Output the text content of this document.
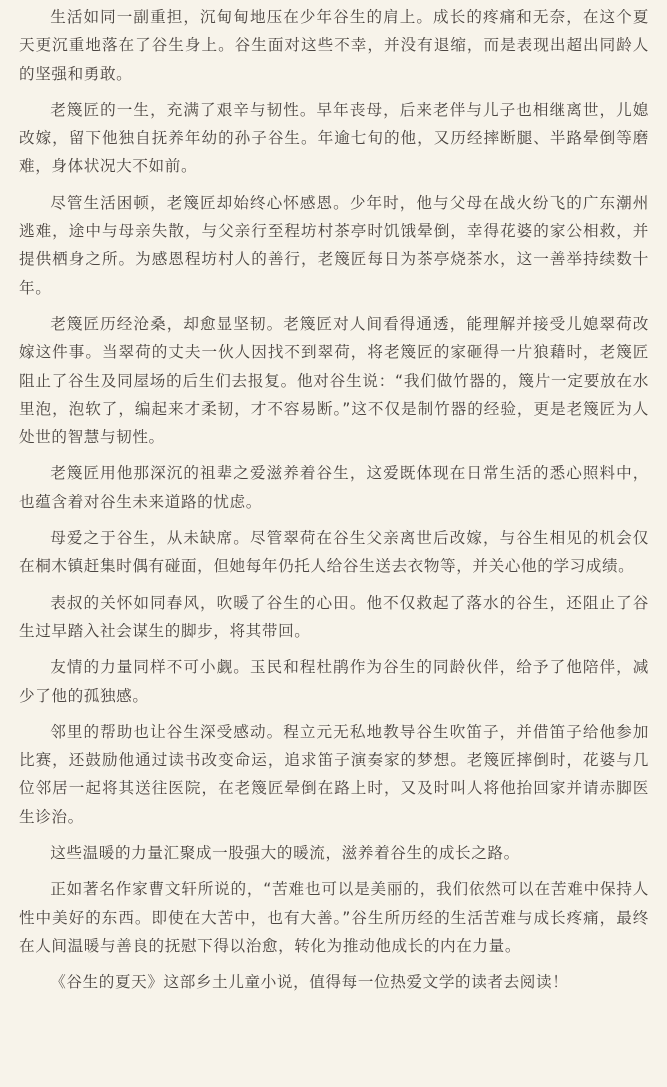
生活如同一副重担，沉甸甸地压在少年谷生的肩上。成长的疼痛和无奈，在这个夏天更沉重地落在了谷生身上。谷生面对这些不幸，并没有退缩，而是表现出超出同龄人的坚强和勇敢。

老篾匠的一生，充满了艰辛与韧性。早年丧母，后来老伴与儿子也相继离世，儿媳改嫁，留下他独自抚养年幼的孙子谷生。年逾七旬的他，又历经摔断腿、半路晕倒等磨难，身体状况大不如前。

尽管生活困顿，老篾匠却始终心怀感恩。少年时，他与父母在战火纷飞的广东潮州逃难，途中与母亲失散，与父亲行至程坊村茶亭时饥饿晕倒，幸得花婆的家公相救，并提供栖身之所。为感恩程坊村人的善行，老篾匠每日为茶亭烧茶水，这一善举持续数十年。

老篾匠历经沧桑，却愈显坚韧。老篾匠对人间看得通透，能理解并接受儿媳翠荷改嫁这件事。当翠荷的丈夫一伙人因找不到翠荷，将老篾匠的家砸得一片狼藉时，老篾匠阻止了谷生及同屋场的后生们去报复。他对谷生说：“我们做竹器的，篾片一定要放在水里泡，泡软了，编起来才柔韧，才不容易断。”这不仅是制竹器的经验，更是老篾匠为人处世的智慧与韧性。

老篾匠用他那深沉的祖辈之爱滋养着谷生，这爱既体现在日常生活的悉心照料中，也蕴含着对谷生未来道路的忧虑。

母爱之于谷生，从未缺席。尽管翠荷在谷生父亲离世后改嫁，与谷生相见的机会仅在桐木镇赶集时偶有碰面，但她每年仍托人给谷生送去衣物等，并关心他的学习成绩。

表叔的关怀如同春风，吹暖了谷生的心田。他不仅救起了落水的谷生，还阻止了谷生过早踏入社会谋生的脚步，将其带回。

友情的力量同样不可小觑。玉民和程杜鹃作为谷生的同龄伙伴，给予了他陪伴，减少了他的孤独感。

邻里的帮助也让谷生深受感动。程立元无私地教导谷生吹笛子，并借笛子给他参加比赛，还鼓励他通过读书改变命运，追求笛子演奏家的梦想。老篾匠摔倒时，花婆与几位邻居一起将其送往医院，在老篾匠晕倒在路上时，又及时叫人将他抬回家并请赤脚医生诊治。

这些温暖的力量汇聚成一股强大的暖流，滋养着谷生的成长之路。

正如著名作家曹文轩所说的，“苦难也可以是美丽的，我们依然可以在苦难中保持人性中美好的东西。即使在大苦中，也有大善。”谷生所历经的生活苦难与成长疼痛，最终在人间温暖与善良的抚慰下得以治愈，转化为推动他成长的内在力量。

《谷生的夏天》这部乡土儿童小说，值得每一位热爱文学的读者去阅读！
